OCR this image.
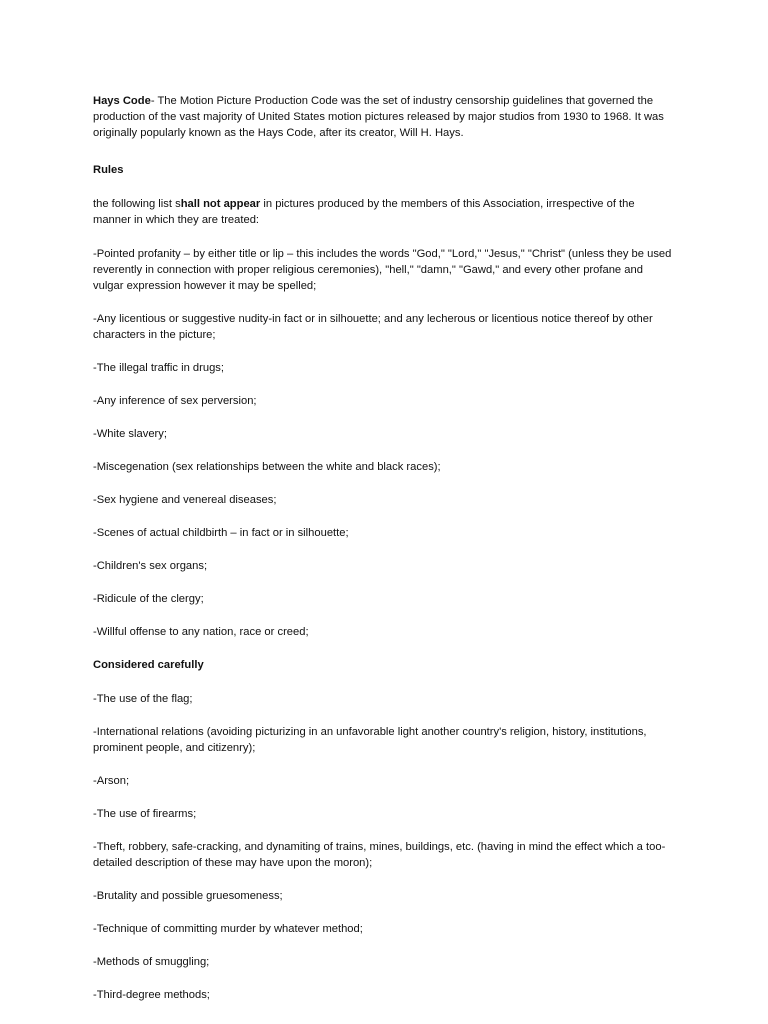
Hays Code- The Motion Picture Production Code was the set of industry censorship guidelines that governed the production of the vast majority of United States motion pictures released by major studios from 1930 to 1968. It was originally popularly known as the Hays Code, after its creator, Will H. Hays.

Rules

the following list shall not appear in pictures produced by the members of this Association, irrespective of the manner in which they are treated:

-Pointed profanity – by either title or lip – this includes the words "God," "Lord," "Jesus," "Christ" (unless they be used reverently in connection with proper religious ceremonies), "hell," "damn," "Gawd," and every other profane and vulgar expression however it may be spelled;

-Any licentious or suggestive nudity-in fact or in silhouette; and any lecherous or licentious notice thereof by other characters in the picture;

-The illegal traffic in drugs;

-Any inference of sex perversion;

-White slavery;

-Miscegenation (sex relationships between the white and black races);

-Sex hygiene and venereal diseases;

-Scenes of actual childbirth – in fact or in silhouette;

-Children's sex organs;

-Ridicule of the clergy;

-Willful offense to any nation, race or creed;

Considered carefully

-The use of the flag;

-International relations (avoiding picturizing in an unfavorable light another country's religion, history, institutions, prominent people, and citizenry);

-Arson;

-The use of firearms;

-Theft, robbery, safe-cracking, and dynamiting of trains, mines, buildings, etc. (having in mind the effect which a too-detailed description of these may have upon the moron);

-Brutality and possible gruesomeness;

-Technique of committing murder by whatever method;

-Methods of smuggling;

-Third-degree methods;
